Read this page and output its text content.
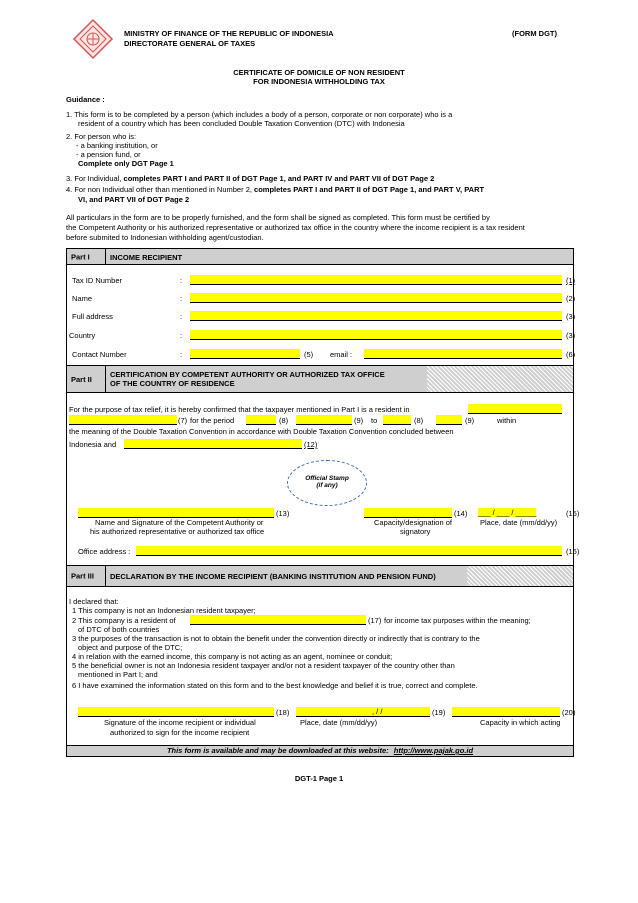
MINISTRY OF FINANCE OF THE REPUBLIC OF INDONESIA
DIRECTORATE GENERAL OF TAXES
(FORM DGT)
CERTIFICATE OF DOMICILE OF NON RESIDENT
FOR INDONESIA WITHHOLDING TAX
Guidance :
1. This form is to be completed by a person (which includes a body of a person, corporate or non corporate) who is a
resident of a country which has been concluded Double Taxation Convention (DTC) with Indonesia
2. For person who is:
- a banking institution, or
- a pension fund, or
Complete only DGT Page 1
3. For Individual, completes PART I and PART II of DGT Page 1, and PART IV and PART VII of DGT Page 2
4. For non Individual other than mentioned in Number 2, completes PART I and PART II of DGT Page 1, and PART V, PART
VI, and PART VII of DGT Page 2
All particulars in the form are to be properly furnished, and the form shall be signed as completed. This form must be certified by
the Competent Authority or his authorized representative or authorized tax office in the country where the income recipient is a tax resident
before submited to Indonesian withholding agent/custodian.
Part I	INCOME RECIPIENT
Tax ID Number	:	(1)
Name	:	(2)
Full address	:	(3)
Country	:	(3)
Contact Number	:	(5) email :	(6)
Part II
CERTIFICATION BY COMPETENT AUTHORITY OR AUTHORIZED TAX OFFICE
OF THE COUNTRY OF RESIDENCE
For the purpose of tax relief, it is hereby confirmed that the taxpayer mentioned in Part I is a resident in
(7) for the period	(8)	(9) to	(8)	(9)	within
the meaning of the Double Taxation Convention in accordance with Double Taxation Convention concluded between
Indonesia and	(12)
Official Stamp
(if any)
(13)	(14) ___ / ___ / _____	(15)
Name and Signature of the Competent Authority or
his authorized representative or authorized tax office
Capacity/designation of
signatory
Place, date (mm/dd/yy)
Office address :	(16)
Part III DECLARATION BY THE INCOME RECIPIENT (BANKING INSTITUTION AND PENSION FUND)
I declared that:
1 This company is not an Indonesian resident taxpayer;
2 This company is a resident of	(17) for income tax purposes within the meaning;
of DTC of both countries
3 the purposes of the transaction is not to obtain the benefit under the convention directly or indirectly that is contrary to the
object and purpose of the DTC;
4 in relation with the earned income, this company is not acting as an agent, nominee or conduit;
5 the beneficial owner is not an Indonesia resident taxpayer and/or not a resident taxpayer of the country other than
mentioned in Part I; and
6 I have examined the information stated on this form and to the best knowledge and belief it is true, correct and complete.
(18)	, / /	(19)	(20)
Signature of the income recipient or individual
authorized to sign for the income recipient
Place, date (mm/dd/yy)	Capacity in which acting
This form is available and may be downloaded at this website: http://www.pajak.go.id
DGT-1 Page 1
